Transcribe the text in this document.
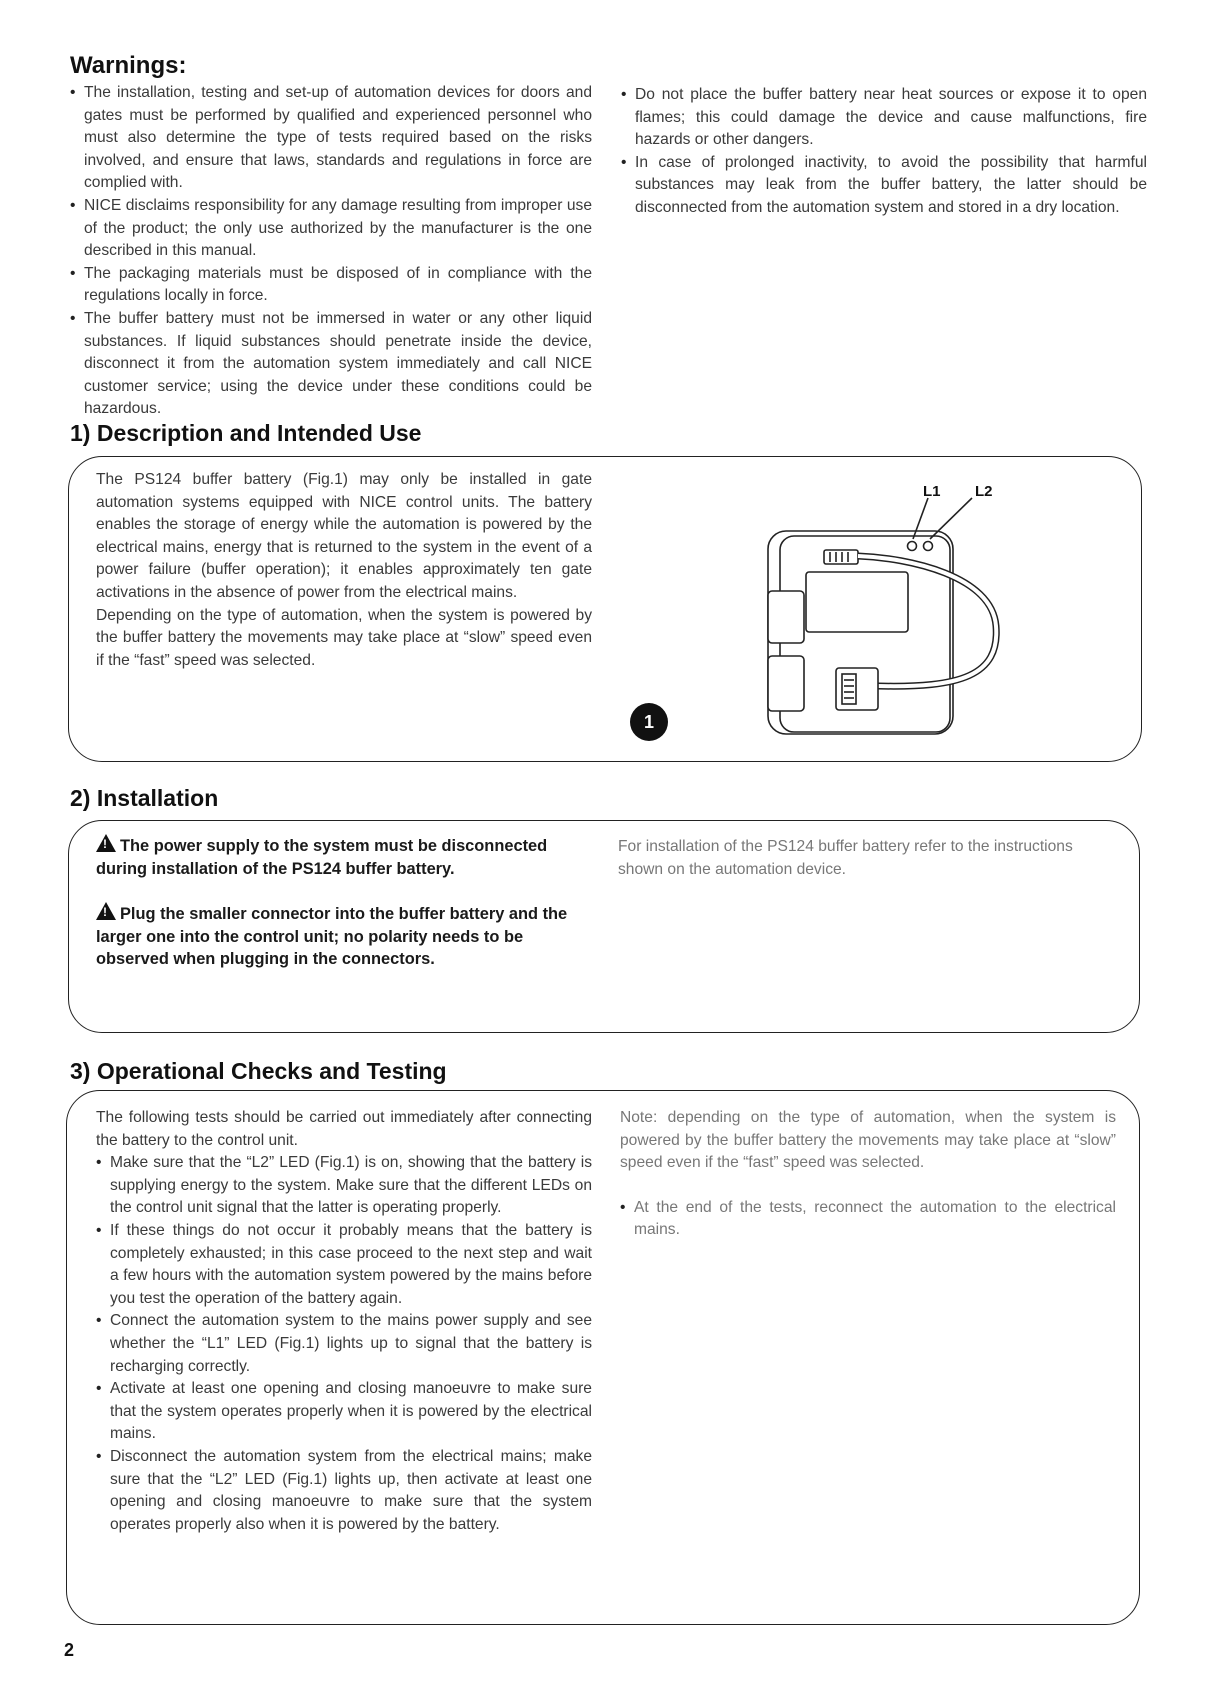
Warnings:
• The installation, testing and set-up of automation devices for doors and gates must be performed by qualified and experienced personnel who must also determine the type of tests required based on the risks involved, and ensure that laws, standards and regulations in force are complied with.
• NICE disclaims responsibility for any damage resulting from improper use of the product; the only use authorized by the manufacturer is the one described in this manual.
• The packaging materials must be disposed of in compliance with the regulations locally in force.
• The buffer battery must not be immersed in water or any other liquid substances. If liquid substances should penetrate inside the device, disconnect it from the automation system immediately and call NICE customer service; using the device under these conditions could be hazardous.
• Do not place the buffer battery near heat sources or expose it to open flames; this could damage the device and cause malfunctions, fire hazards or other dangers.
• In case of prolonged inactivity, to avoid the possibility that harmful substances may leak from the buffer battery, the latter should be disconnected from the automation system and stored in a dry location.
1) Description and Intended Use

The PS124 buffer battery (Fig.1) may only be installed in gate automation systems equipped with NICE control units. The battery enables the storage of energy while the automation is powered by the electrical mains, energy that is returned to the system in the event of a power failure (buffer operation); it enables approximately ten gate activations in the absence of power from the electrical mains.

Depending on the type of automation, when the system is powered by the buffer battery the movements may take place at “slow” speed even if the “fast” speed was selected.

L1 L2
1
2) Installation
!The power supply to the system must be disconnected during installation of the PS124 buffer battery.
!Plug the smaller connector into the buffer battery and the larger one into the control unit; no polarity needs to be observed when plugging in the connectors.

For installation of the PS124 buffer battery refer to the instructions shown on the automation device.

3) Operational Checks and Testing

The following tests should be carried out immediately after connecting the battery to the control unit.

• Make sure that the “L2” LED (Fig.1) is on, showing that the battery is supplying energy to the system. Make sure that the different LEDs on the control unit signal that the latter is operating properly.
• If these things do not occur it probably means that the battery is completely exhausted; in this case proceed to the next step and wait a few hours with the automation system powered by the mains before you test the operation of the battery again.
• Connect the automation system to the mains power supply and see whether the “L1” LED (Fig.1) lights up to signal that the battery is recharging correctly.
• Activate at least one opening and closing manoeuvre to make sure that the system operates properly when it is powered by the electrical mains.
• Disconnect the automation system from the electrical mains; make sure that the “L2” LED (Fig.1) lights up, then activate at least one opening and closing manoeuvre to make sure that the system operates properly also when it is powered by the battery.

Note: depending on the type of automation, when the system is powered by the buffer battery the movements may take place at “slow” speed even if the “fast” speed was selected.

• At the end of the tests, reconnect the automation to the electrical mains.
2
